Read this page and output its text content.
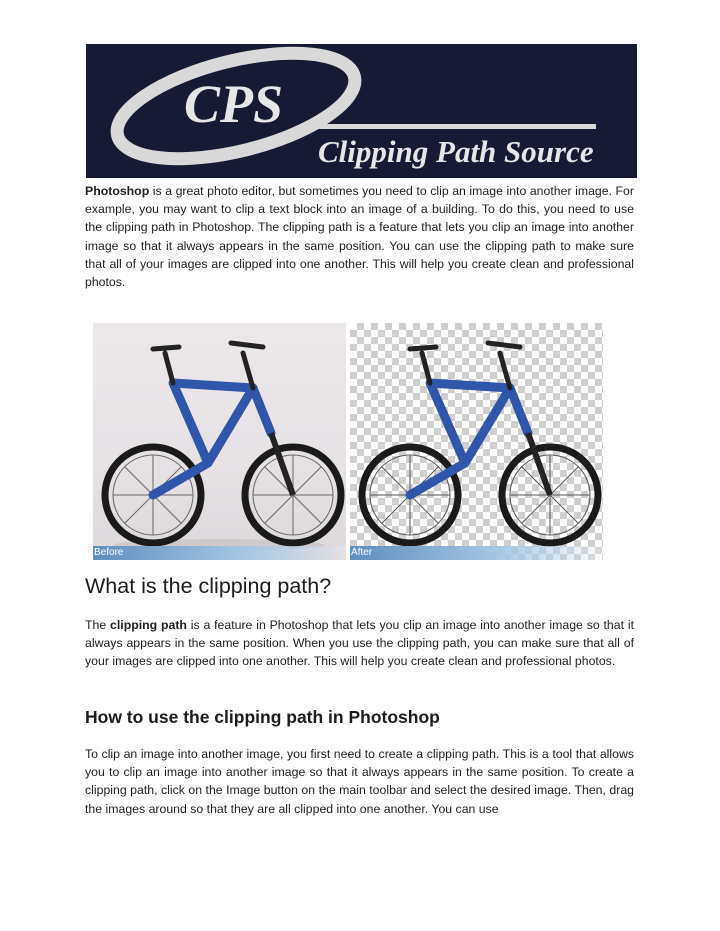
CPS
Clipping Path Source

Photoshop is a great photo editor, but sometimes you need to clip an image into another image. For example, you may want to clip a text block into an image of a building. To do this, you need to use the clipping path in Photoshop. The clipping path is a feature that lets you clip an image into another image so that it always appears in the same position. You can use the clipping path to make sure that all of your images are clipped into one another. This will help you create clean and professional photos.

Before	After
What is the clipping path?

The clipping path is a feature in Photoshop that lets you clip an image into another image so that it always appears in the same position. When you use the clipping path, you can make sure that all of your images are clipped into one another. This will help you create clean and professional photos.

How to use the clipping path in Photoshop

To clip an image into another image, you first need to create a clipping path. This is a tool that allows you to clip an image into another image so that it always appears in the same position. To create a clipping path, click on the Image button on the main toolbar and select the desired image. Then, drag the images around so that they are all clipped into one another. You can use
